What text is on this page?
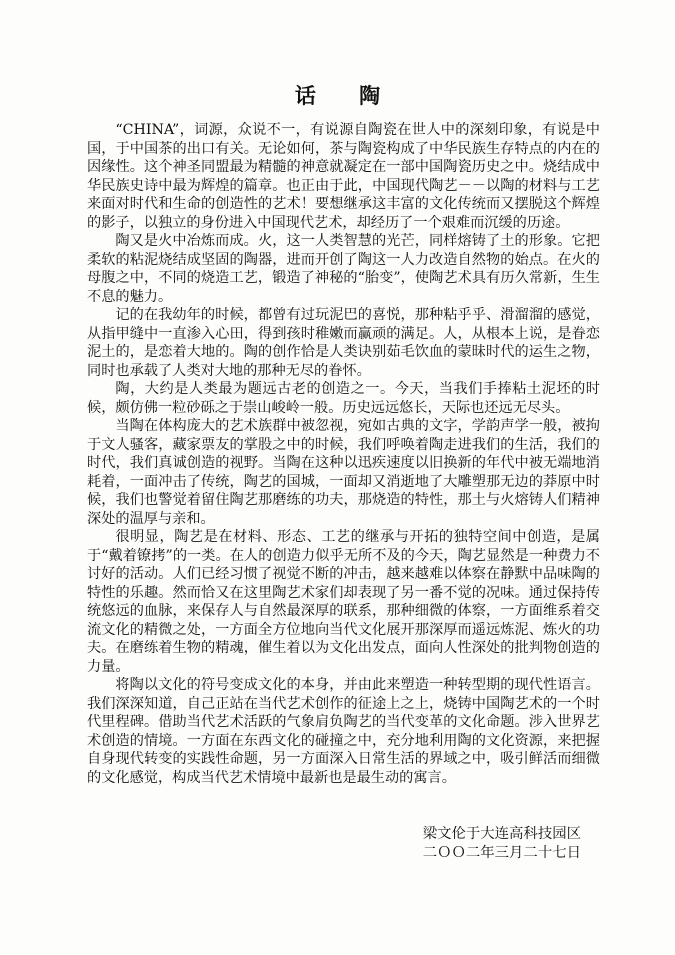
话 陶

“CHINA”，词源，众说不一，有说源自陶瓷在世人中的深刻印象，有说是中国，于中国茶的出口有关。无论如何，茶与陶瓷构成了中华民族生存特点的内在的因缘性。这个神圣同盟最为精髓的神意就凝定在一部中国陶瓷历史之中。烧结成中华民族史诗中最为辉煌的篇章。也正由于此，中国现代陶艺－－以陶的材料与工艺来面对时代和生命的创造性的艺术！要想继承这丰富的文化传统而又摆脱这个辉煌的影子，以独立的身份进入中国现代艺术，却经历了一个艰难而沉缓的历途。

陶又是火中冶炼而成。火，这一人类智慧的光芒，同样熔铸了土的形象。它把柔软的粘泥烧结成坚固的陶器，进而开创了陶这一人力改造自然物的始点。在火的母腹之中，不同的烧造工艺，锻造了神秘的“胎变”，使陶艺术具有历久常新，生生不息的魅力。

记的在我幼年的时候，都曾有过玩泥巴的喜悦，那种粘乎乎、滑溜溜的感觉，从指甲缝中一直渗入心田，得到孩时稚嫩而赢顽的满足。人，从根本上说，是眷恋泥土的，是恋着大地的。陶的创作恰是人类诀别茹毛饮血的蒙昧时代的运生之物，同时也承载了人类对大地的那种无尽的眷怀。

陶，大约是人类最为题远古老的创造之一。今天，当我们手捧粘土泥坯的时候，颇仿佛一粒砂砾之于崇山峻岭一般。历史远远悠长，天际也还远无尽头。

当陶在体构庞大的艺术族群中被忽视，宛如古典的文字，学韵声学一般，被拘于文人骚客，藏家票友的掌股之中的时候，我们呼唤着陶走进我们的生活，我们的时代，我们真诚创造的视野。当陶在这种以迅疾速度以旧换新的年代中被无端地消耗着，一面冲击了传统，陶艺的国城，一面却又消逝地了大雕塑那无边的莽原中时候，我们也警觉着留住陶艺那磨练的功夫，那烧造的特性，那土与火熔铸人们精神深处的温厚与亲和。

很明显，陶艺是在材料、形态、工艺的继承与开拓的独特空间中创造，是属于“戴着镣拷”的一类。在人的创造力似乎无所不及的今天，陶艺显然是一种费力不讨好的活动。人们已经习惯了视觉不断的冲击，越来越难以体察在静默中品味陶的特性的乐趣。然而恰又在这里陶艺术家们却表现了另一番不觉的况味。通过保持传统悠远的血脉，来保存人与自然最深厚的联系，那种细微的体察，一方面维系着交流文化的精微之处，一方面全方位地向当代文化展开那深厚而遥远炼泥、炼火的功夫。在磨练着生物的精魂，催生着以为文化出发点，面向人性深处的批判物创造的力量。

将陶以文化的符号变成文化的本身，并由此来塑造一种转型期的现代性语言。我们深深知道，自己正站在当代艺术创作的征途上之上，烧铸中国陶艺术的一个时代里程碑。借助当代艺术活跃的气象肩负陶艺的当代变革的文化命题。涉入世界艺术创造的情境。一方面在东西文化的碰撞之中，充分地利用陶的文化资源，来把握自身现代转变的实践性命题，另一方面深入日常生活的界域之中，吸引鲜活而细微的文化感觉，构成当代艺术情境中最新也是最生动的寓言。

梁文伦于大连高科技园区
二ＯＯ二年三月二十七日
